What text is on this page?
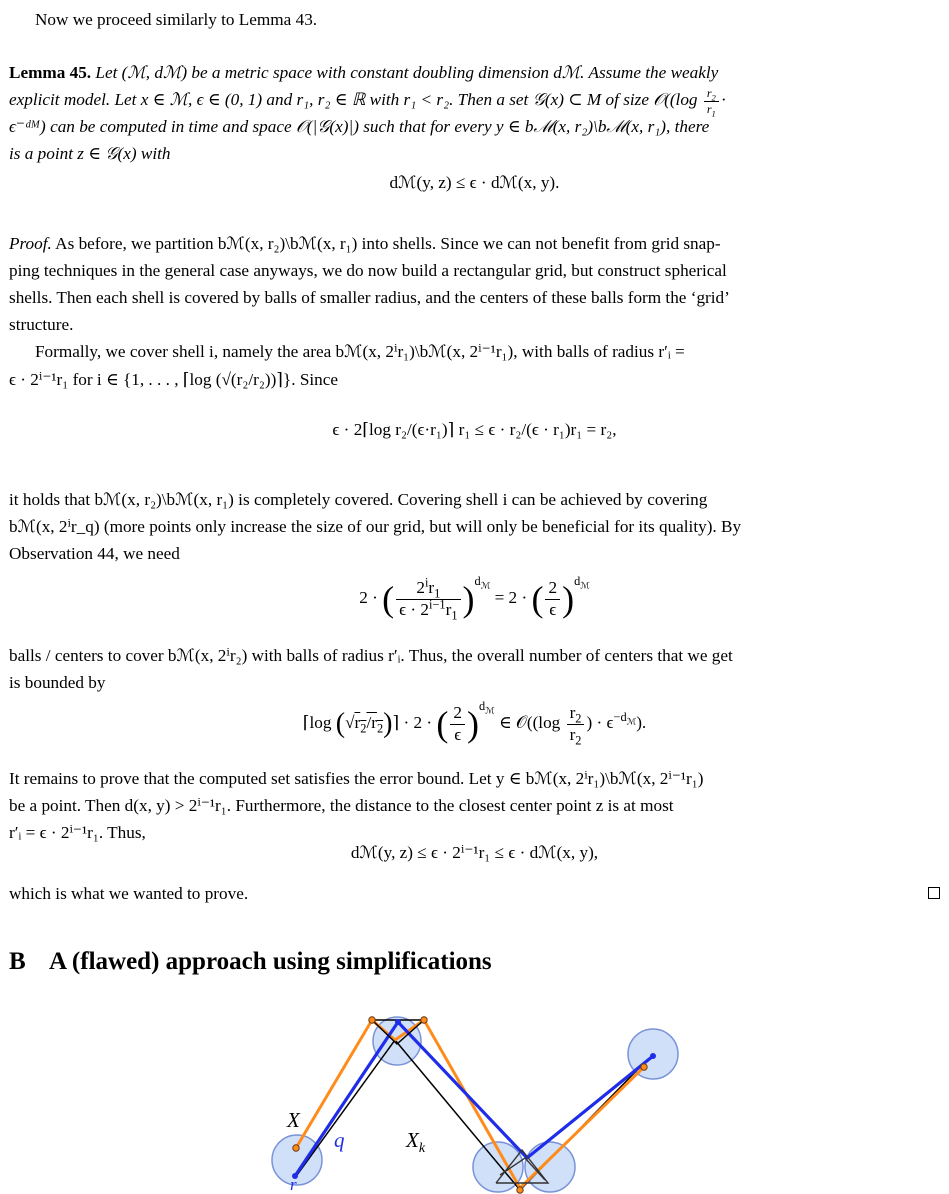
Now we proceed similarly to Lemma 43.
Lemma 45. Let (ℳ, dℳ) be a metric space with constant doubling dimension dℳ. Assume the weakly
explicit model. Let x ∈ ℳ, ϵ ∈ (0, 1) and r₁, r₂ ∈ ℝ with r₁ < r₂. Then a set 𝒢(x) ⊂ M of size 𝒪((log $\frac{r_2}{r_1}$ ·
ϵ⁻ᵈᴹ) can be computed in time and space 𝒪(|𝒢(x)|) such that for every y ∈ bℳ(x, r₂)\bℳ(x, r₁), there
is a point z ∈ 𝒢(x) with
dℳ(y, z) ≤ ϵ · dℳ(x, y).
Proof. As before, we partition bℳ(x, r₂)\bℳ(x, r₁) into shells. Since we can not benefit from grid snap-
ping techniques in the general case anyways, we do now build a rectangular grid, but construct spherical
shells. Then each shell is covered by balls of smaller radius, and the centers of these balls form the ‘grid’
structure.
Formally, we cover shell i, namely the area bℳ(x, 2ⁱr₁)\bℳ(x, 2ⁱ⁻¹r₁), with balls of radius r′ᵢ =
ϵ · 2ⁱ⁻¹r₁ for i ∈ {1, . . . , ⌈log (√(r₂/r₂))⌉}. Since
ϵ · 2⌈log r₂/(ϵ·r₁)⌉ r₁ ≤ ϵ · r₂/(ϵ · r₁)r₁ = r₂,
it holds that bℳ(x, r₂)\bℳ(x, r₁) is completely covered. Covering shell i can be achieved by covering
bℳ(x, 2ⁱr_q) (more points only increase the size of our grid, but will only be beneficial for its quality). By
Observation 44, we need
2 · ( $\frac{2^ir_1}{\epsilon \cdot 2^{i-1}r_1} )^{d_ℳ} = 2$ · ( $\frac{2}{\epsilon} )^{d_ℳ}$
balls / centers to cover bℳ(x, 2ⁱr₂) with balls of radius r′ᵢ. Thus, the overall number of centers that we get
is bounded by
⌈log $(√r_2/r_2)⌉ \cdot 2$ · ( $\frac{2}{\epsilon} )^{d_ℳ}$ ∈ 𝒪((log $\frac{r_2}{r_2}$ ) · $\epsilon^{-d_ℳ}$).
It remains to prove that the computed set satisfies the error bound. Let y ∈ bℳ(x, 2ⁱr₁)\bℳ(x, 2ⁱ⁻¹r₁)
be a point. Then d(x, y) > 2ⁱ⁻¹r₁. Furthermore, the distance to the closest center point z is at most
r′ᵢ = ϵ · 2ⁱ⁻¹r₁. Thus,
dℳ(y, z) ≤ ϵ · 2ⁱ⁻¹r₁ ≤ ϵ · dℳ(x, y),
which is what we wanted to prove.
B A (flawed) approach using simplifications
X
q	$X_k$
r
